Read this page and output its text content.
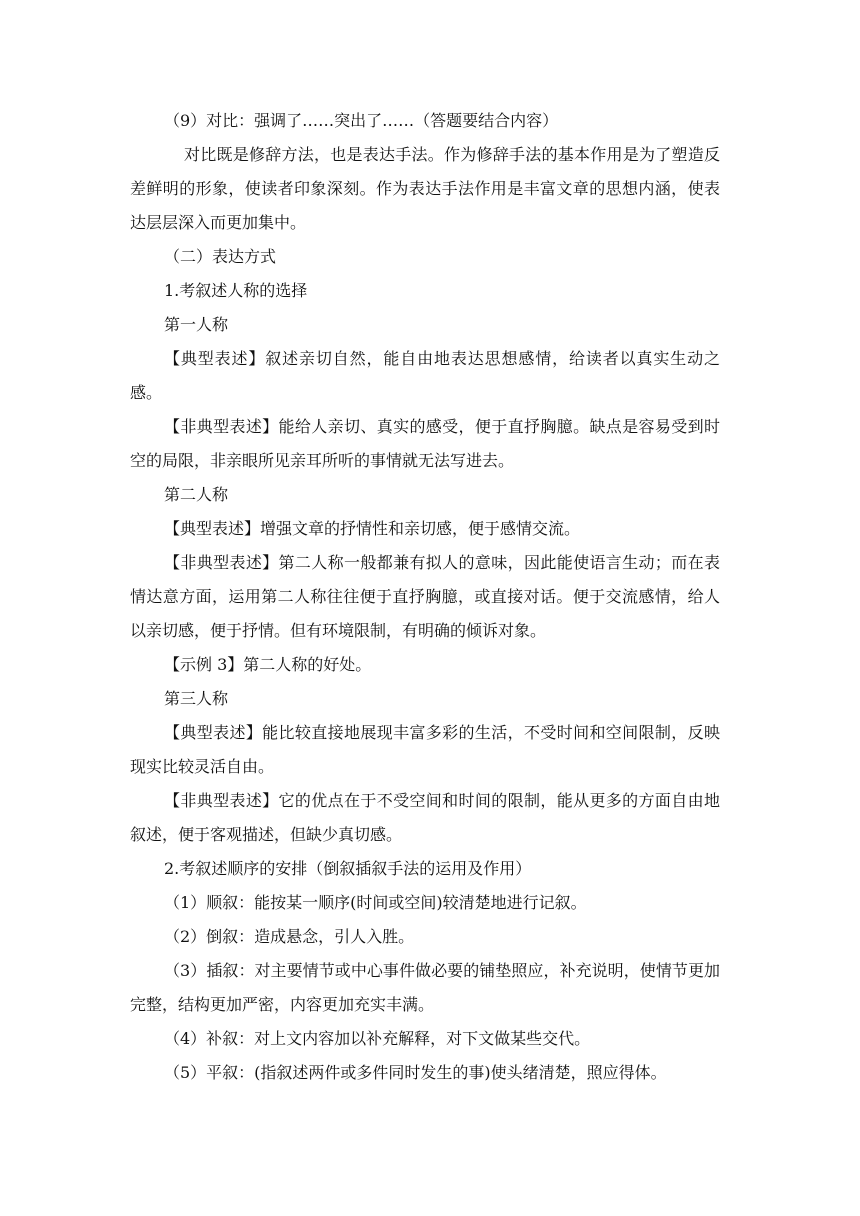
（9）对比：强调了……突出了……（答题要结合内容）

对比既是修辞方法，也是表达手法。作为修辞手法的基本作用是为了塑造反差鲜明的形象，使读者印象深刻。作为表达手法作用是丰富文章的思想内涵，使表达层层深入而更加集中。

（二）表达方式

1.考叙述人称的选择

第一人称

【典型表述】叙述亲切自然，能自由地表达思想感情，给读者以真实生动之感。

【非典型表述】能给人亲切、真实的感受，便于直抒胸臆。缺点是容易受到时空的局限，非亲眼所见亲耳所听的事情就无法写进去。

第二人称

【典型表述】增强文章的抒情性和亲切感，便于感情交流。

【非典型表述】第二人称一般都兼有拟人的意味，因此能使语言生动；而在表情达意方面，运用第二人称往往便于直抒胸臆，或直接对话。便于交流感情，给人以亲切感，便于抒情。但有环境限制，有明确的倾诉对象。

【示例 3】第二人称的好处。

第三人称

【典型表述】能比较直接地展现丰富多彩的生活，不受时间和空间限制，反映现实比较灵活自由。

【非典型表述】它的优点在于不受空间和时间的限制，能从更多的方面自由地叙述，便于客观描述，但缺少真切感。

2.考叙述顺序的安排（倒叙插叙手法的运用及作用）

（1）顺叙：能按某一顺序(时间或空间)较清楚地进行记叙。

（2）倒叙：造成悬念，引人入胜。

（3）插叙：对主要情节或中心事件做必要的铺垫照应，补充说明，使情节更加完整，结构更加严密，内容更加充实丰满。

（4）补叙：对上文内容加以补充解释，对下文做某些交代。

（5）平叙：(指叙述两件或多件同时发生的事)使头绪清楚，照应得体。
